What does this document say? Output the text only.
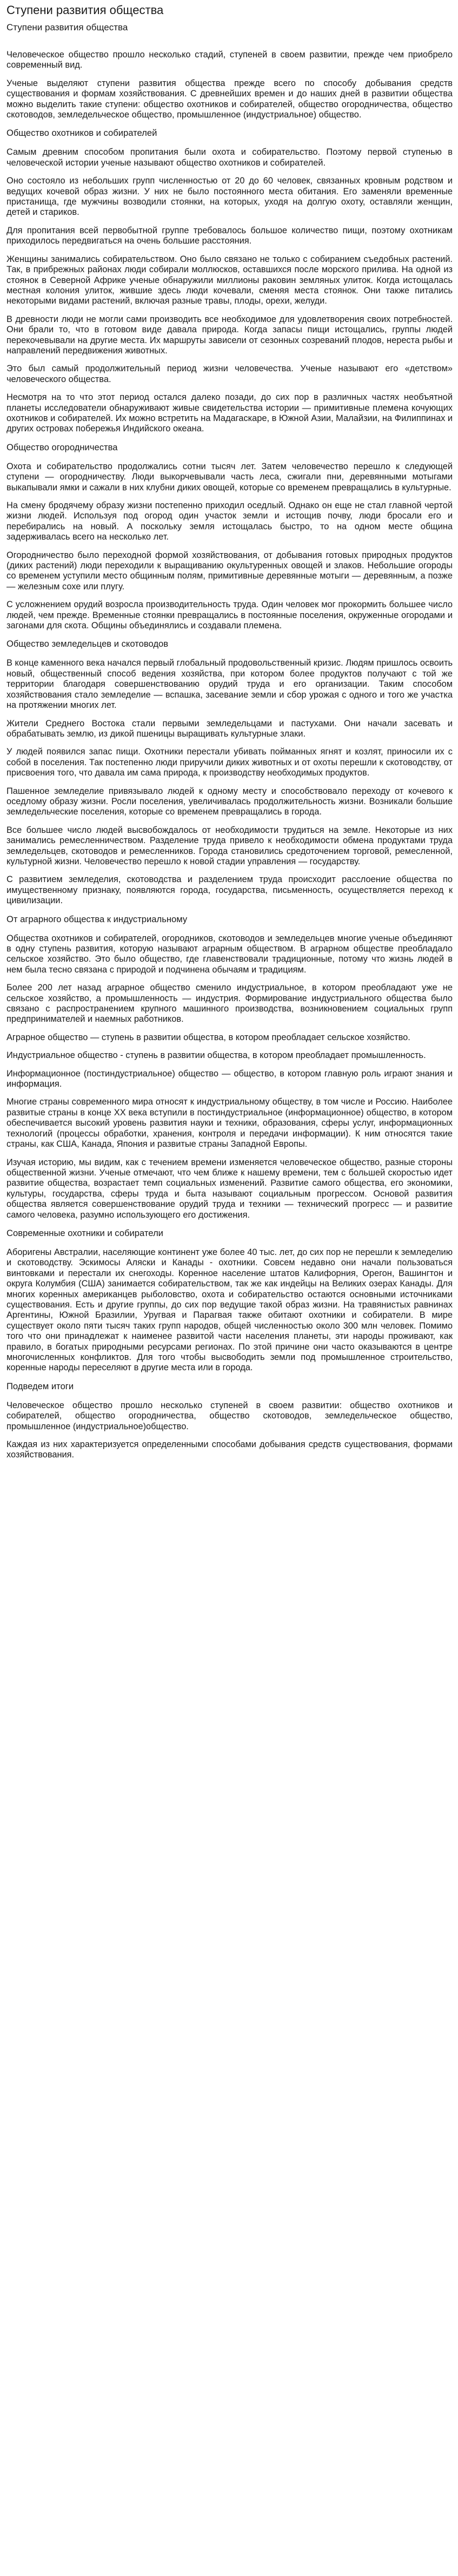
Ступени развития общества
Ступени развития общества

Человеческое общество прошло несколько стадий, ступеней в своем развитии, прежде чем приобрело современный вид.

Ученые выделяют ступени развития общества прежде всего по способу добывания средств существования и формам хозяйствования. С древнейших времен и до наших дней в развитии общества можно выделить такие ступени: общество охотников и собирателей, общество огородничества, общество скотоводов, земледельческое общество, промышленное (индустриальное) общество.

Общество охотников и собирателей

Самым древним способом пропитания были охота и собирательство. Поэтому первой ступенью в человеческой истории ученые называют общество охотников и собирателей.

Оно состояло из небольших групп численностью от 20 до 60 человек, связанных кровным родством и ведущих кочевой образ жизни. У них не было постоянного места обитания. Его заменяли временные пристанища, где мужчины возводили стоянки, на которых, уходя на долгую охоту, оставляли женщин, детей и стариков.

Для пропитания всей первобытной группе требовалось большое количество пищи, поэтому охотникам приходилось передвигаться на очень большие расстояния.

Женщины занимались собирательством. Оно было связано не только с собиранием съедобных растений. Так, в прибрежных районах люди собирали моллюсков, оставшихся после морского прилива. На одной из стоянок в Северной Африке ученые обнаружили миллионы раковин земляных улиток. Когда истощалась местная колония улиток, жившие здесь люди кочевали, сменяя места стоянок. Они также питались некоторыми видами растений, включая разные травы, плоды, орехи, желуди.

В древности люди не могли сами производить все необходимое для удовлетворения своих потребностей. Они брали то, что в готовом виде давала природа. Когда запасы пищи истощались, группы людей перекочевывали на другие места. Их маршруты зависели от сезонных созреваний плодов, нереста рыбы и направлений передвижения животных.

Это был самый продолжительный период жизни человечества. Ученые называют его «детством» человеческого общества.

Несмотря на то что этот период остался далеко позади, до сих пор в различных частях необъятной планеты исследователи обнаруживают живые свидетельства истории — примитивные племена кочующих охотников и собирателей. Их можно встретить на Мадагаскаре, в Южной Азии, Малайзии, на Филиппинах и других островах побережья Индийского океана.

Общество огородничества

Охота и собирательство продолжались сотни тысяч лет. Затем человечество перешло к следующей ступени — огородничеству. Люди выкорчевывали часть леса, сжигали пни, деревянными мотыгами выкапывали ямки и сажали в них клубни диких овощей, которые со временем превращались в культурные.

На смену бродячему образу жизни постепенно приходил оседлый. Однако он еще не стал главной чертой жизни людей. Используя под огород один участок земли и истощив почву, люди бросали его и перебирались на новый. А поскольку земля истощалась быстро, то на одном месте община задерживалась всего на несколько лет.

Огородничество было переходной формой хозяйствования, от добывания готовых природных продуктов (диких растений) люди переходили к выращиванию окультуренных овощей и злаков. Небольшие огороды со временем уступили место общинным полям, примитивные деревянные мотыги — деревянным, а позже — железным сохе или плугу.

С усложнением орудий возросла производительность труда. Один человек мог прокормить большее число людей, чем прежде. Временные стоянки превращались в постоянные поселения, окруженные огородами и загонами для скота. Общины объединялись и создавали племена.

Общество земледельцев и скотоводов

В конце каменного века начался первый глобальный продовольственный кризис. Людям пришлось освоить новый, общественный способ ведения хозяйства, при котором более продуктов получают с той же территории благодаря совершенствованию орудий труда и его организации. Таким способом хозяйствования стало земледелие — вспашка, засевание земли и сбор урожая с одного и того же участка на протяжении многих лет.

Жители Среднего Востока стали первыми земледельцами и пастухами. Они начали засевать и обрабатывать землю, из дикой пшеницы выращивать культурные злаки.

У людей появился запас пищи. Охотники перестали убивать пойманных ягнят и козлят, приносили их с собой в поселения. Так постепенно люди приручили диких животных и от охоты перешли к скотоводству, от присвоения того, что давала им сама природа, к производству необходимых продуктов.

Пашенное земледелие привязывало людей к одному месту и способствовало переходу от кочевого к оседлому образу жизни. Росли поселения, увеличивалась продолжительность жизни. Возникали большие земледельческие поселения, которые со временем превращались в города.

Все большее число людей высвобождалось от необходимости трудиться на земле. Некоторые из них занимались ремесленничеством. Разделение труда привело к необходимости обмена продуктами труда земледельцев, скотоводов и ремесленников. Города становились средоточением торговой, ремесленной, культурной жизни. Человечество перешло к новой стадии управления — государству.

С развитием земледелия, скотоводства и разделением труда происходит расслоение общества по имущественному признаку, появляются города, государства, письменность, осуществляется переход к цивилизации.

От аграрного общества к индустриальному

Общества охотников и собирателей, огородников, скотоводов и земледельцев многие ученые объединяют в одну ступень развития, которую называют аграрным обществом. В аграрном обществе преобладало сельское хозяйство. Это было общество, где главенствовали традиционные, потому что жизнь людей в нем была тесно связана с природой и подчинена обычаям и традициям.

Более 200 лет назад аграрное общество сменило индустриальное, в котором преобладают уже не сельское хозяйство, а промышленность — индустрия. Формирование индустриального общества было связано с распространением крупного машинного производства, возникновением социальных групп предпринимателей и наемных работников.

Аграрное общество — ступень в развитии общества, в котором преобладает сельское хозяйство.

Индустриальное общество - ступень в развитии общества, в котором преобладает промышленность.

Информационное (постиндустриальное) общество — общество, в котором главную роль играют знания и информация.

Многие страны современного мира относят к индустриальному обществу, в том числе и Россию. Наиболее развитые страны в конце XX века вступили в постиндустриальное (информационное) общество, в котором обеспечивается высокий уровень развития науки и техники, образования, сферы услуг, информационных технологий (процессы обработки, хранения, контроля и передачи информации). К ним относятся такие страны, как США, Канада, Япония и развитые страны Западной Европы.

Изучая историю, мы видим, как с течением времени изменяется человеческое общество, разные стороны общественной жизни. Ученые отмечают, что чем ближе к нашему времени, тем с большей скоростью идет развитие общества, возрастает темп социальных изменений. Развитие самого общества, его экономики, культуры, государства, сферы труда и быта называют социальным прогрессом. Основой развития общества является совершенствование орудий труда и техники — технический прогресс — и развитие самого человека, разумно использующего его достижения.

Современные охотники и собиратели

Аборигены Австралии, населяющие континент уже более 40 тыс. лет, до сих пор не перешли к земледелию и скотоводству. Эскимосы Аляски и Канады - охотники. Совсем недавно они начали пользоваться винтовками и перестали их снегоходы. Коренное население штатов Калифорния, Орегон, Вашингтон и округа Колумбия (США) занимается собирательством, так же как индейцы на Великих озерах Канады. Для многих коренных американцев рыболовство, охота и собирательство остаются основными источниками существования. Есть и другие группы, до сих пор ведущие такой образ жизни. На травянистых равнинах Аргентины, Южной Бразилии, Уругвая и Парагвая также обитают охотники и собиратели. В мире существует около пяти тысяч таких групп народов, общей численностью около 300 млн человек. Помимо того что они принадлежат к наименее развитой части населения планеты, эти народы проживают, как правило, в богатых природными ресурсами регионах. По этой причине они часто оказываются в центре многочисленных конфликтов. Для того чтобы высвободить земли под промышленное строительство, коренные народы переселяют в другие места или в города.

Подведем итоги

Человеческое общество прошло несколько ступеней в своем развитии: общество охотников и собирателей, общество огородничества, общество скотоводов, земледельческое общество, промышленное (индустриальное)общество.

Каждая из них характеризуется определенными способами добывания средств существования, формами хозяйствования.
